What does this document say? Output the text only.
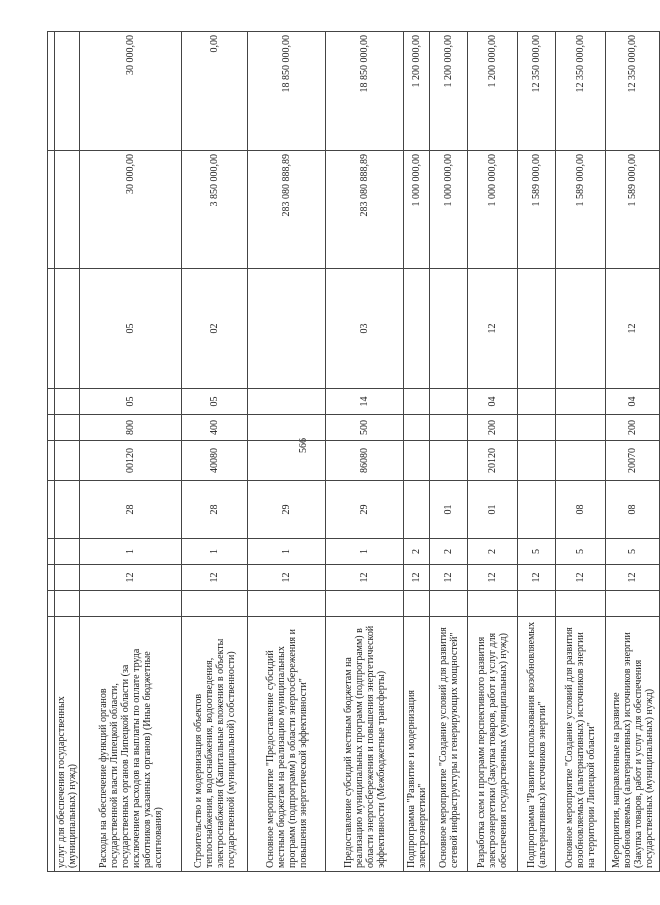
566

услуг для обеспечения государственных (муниципальных) нужд)											
Расходы на обеспечение функций органов государственной власти Липецкой области, государственных органов Липецкой области (за исключением расходов на выплаты по оплате труда работников указанных органов) (Иные бюджетные ассигнования)		12	1	28	00120	800	05	05	30 000,00	30 000,00	
Строительство и модернизация объектов теплоснабжения, водоснабжения, водоотведения, электроснабжения (Капитальные вложения в объекты государственной (муниципальной) собственности)		12	1	28	40080	400	05	02	3 850 000,00	0,00	
Основное мероприятие "Предоставление субсидий местным бюджетам на реализацию муниципальных программ (подпрограмм) в области энергосбережения и повышения энергетической эффективности"		12	1	29					283 080 888,89	18 850 000,00	
Предоставление субсидий местным бюджетам на реализацию муниципальных программ (подпрограмм) в области энергосбережения и повышения энергетической эффективности (Межбюджетные трансферты)		12	1	29	86080	500	14	03	283 080 888,89	18 850 000,00	
Подпрограмма "Развитие и модернизация электроэнергетики"		12	2						1 000 000,00	1 200 000,00	
Основное мероприятие "Создание условий для развития сетевой инфраструктуры и генерирующих мощностей"		12	2	01					1 000 000,00	1 200 000,00	
Разработка схем и программ перспективного развития электроэнергетики (Закупка товаров, работ и услуг для обеспечения государственных (муниципальных) нужд)		12	2	01	20120	200	04	12	1 000 000,00	1 200 000,00	
Подпрограмма "Развитие использования возобновляемых (альтернативных) источников энергии"		12	5						1 589 000,00	12 350 000,00	
Основное мероприятие "Создание условий для развития возобновляемых (альтернативных) источников энергии на территории Липецкой области"		12	5	08					1 589 000,00	12 350 000,00	
Мероприятия, направленные на развитие возобновляемых (альтернативных) источников энергии (Закупка товаров, работ и услуг для обеспечения государственных (муниципальных) нужд)		12	5	08	20070	200	04	12	1 589 000,00	12 350 000,00	
